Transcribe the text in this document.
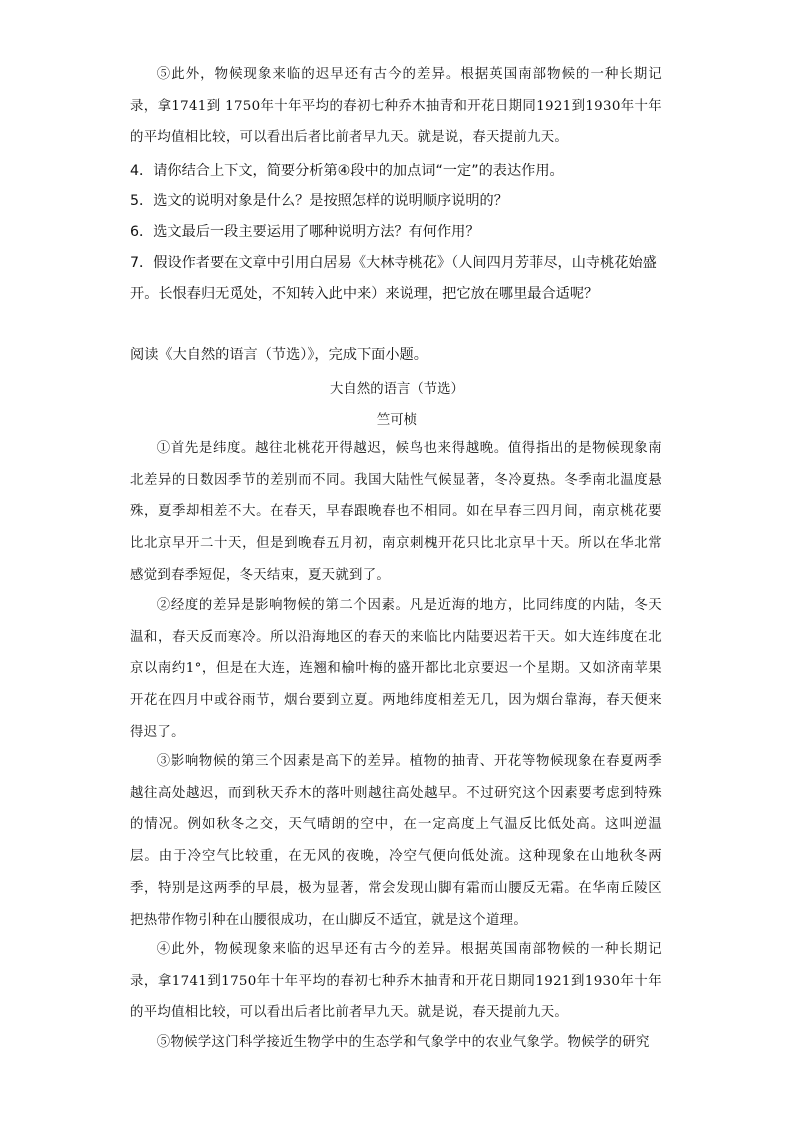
⑤此外，物候现象来临的迟早还有古今的差异。根据英国南部物候的一种长期记录，拿1741到 1750年十年平均的春初七种乔木抽青和开花日期同1921到1930年十年的平均值相比较，可以看出后者比前者早九天。就是说，春天提前九天。
4．请你结合上下文，简要分析第④段中的加点词“一定”的表达作用。
5．选文的说明对象是什么？是按照怎样的说明顺序说明的？
6．选文最后一段主要运用了哪种说明方法？有何作用？
7．假设作者要在文章中引用白居易《大林寺桃花》（人间四月芳菲尽，山寺桃花始盛开。长恨春归无觅处，不知转入此中来）来说理，把它放在哪里最合适呢？
阅读《大自然的语言（节选）》，完成下面小题。
大自然的语言（节选）
竺可桢
①首先是纬度。越往北桃花开得越迟，候鸟也来得越晚。值得指出的是物候现象南北差异的日数因季节的差别而不同。我国大陆性气候显著，冬冷夏热。冬季南北温度悬殊，夏季却相差不大。在春天，早春跟晚春也不相同。如在早春三四月间，南京桃花要比北京早开二十天，但是到晚春五月初，南京刺槐开花只比北京早十天。所以在华北常感觉到春季短促，冬天结束，夏天就到了。
②经度的差异是影响物候的第二个因素。凡是近海的地方，比同纬度的内陆，冬天温和，春天反而寒冷。所以沿海地区的春天的来临比内陆要迟若干天。如大连纬度在北京以南约1°，但是在大连，连翘和榆叶梅的盛开都比北京要迟一个星期。又如济南苹果开花在四月中或谷雨节，烟台要到立夏。两地纬度相差无几，因为烟台靠海，春天便来得迟了。
③影响物候的第三个因素是高下的差异。植物的抽青、开花等物候现象在春夏两季越往高处越迟，而到秋天乔木的落叶则越往高处越早。不过研究这个因素要考虑到特殊的情况。例如秋冬之交，天气晴朗的空中，在一定高度上气温反比低处高。这叫逆温层。由于冷空气比较重，在无风的夜晚，冷空气便向低处流。这种现象在山地秋冬两季，特别是这两季的早晨，极为显著，常会发现山脚有霜而山腰反无霜。在华南丘陵区把热带作物引种在山腰很成功，在山脚反不适宜，就是这个道理。
④此外，物候现象来临的迟早还有古今的差异。根据英国南部物候的一种长期记录，拿1741到1750年十年平均的春初七种乔木抽青和开花日期同1921到1930年十年的平均值相比较，可以看出后者比前者早九天。就是说，春天提前九天。
⑤物候学这门科学接近生物学中的生态学和气象学中的农业气象学。物候学的研究
